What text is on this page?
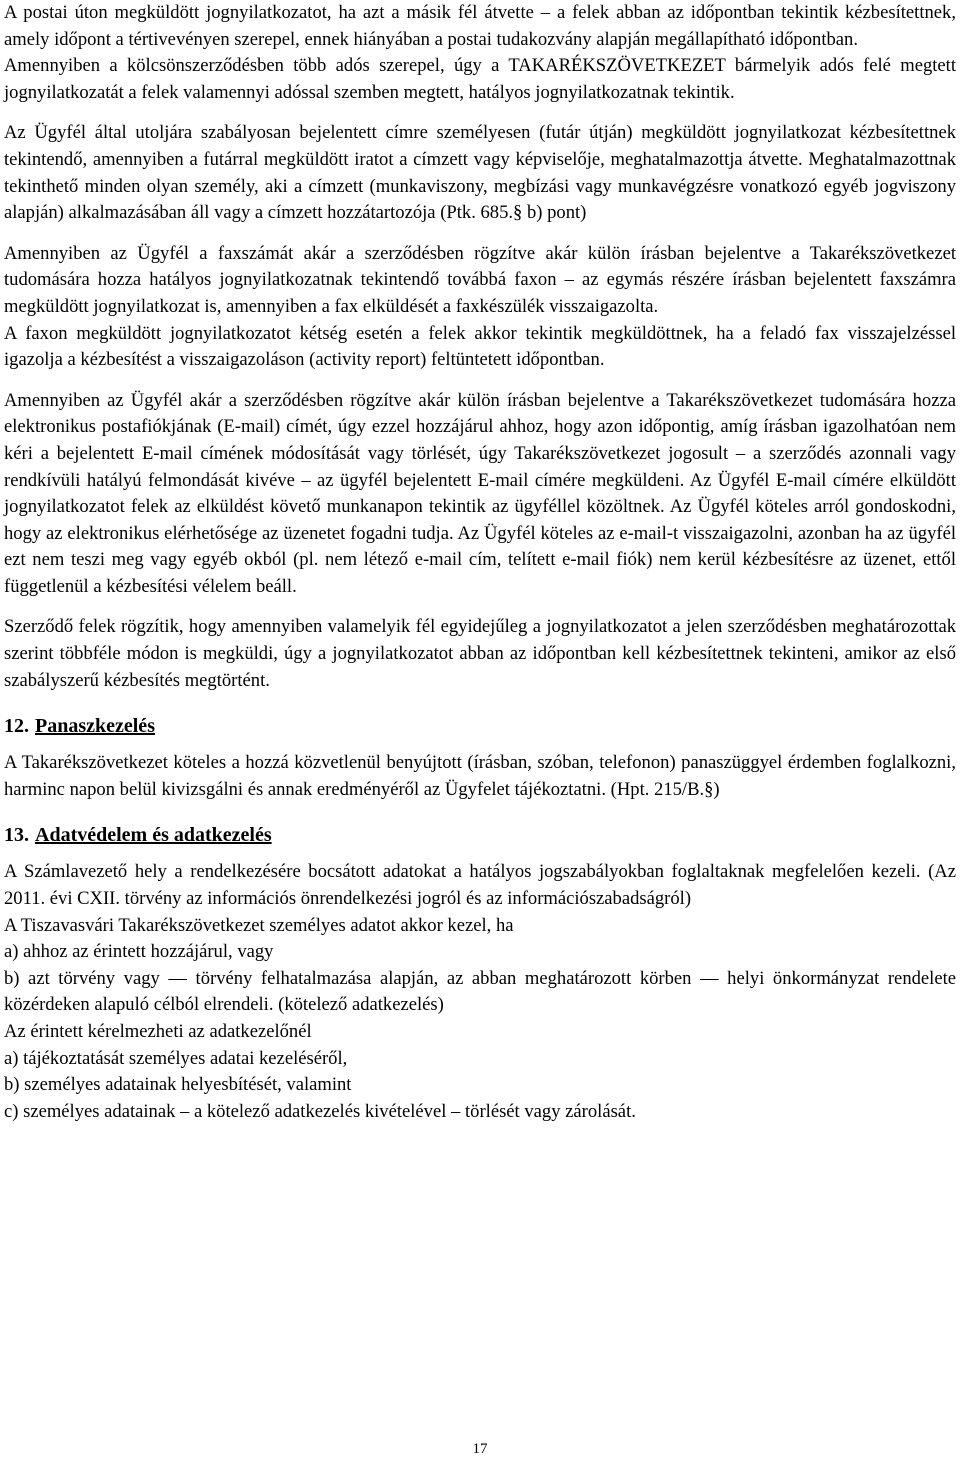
A postai úton megküldött jognyilatkozatot, ha azt a másik fél átvette – a felek abban az időpontban tekintik kézbesítettnek, amely időpont a tértivevényen szerepel, ennek hiányában a postai tudakozvány alapján megállapítható időpontban.

Amennyiben a kölcsönszerződésben több adós szerepel, úgy a TAKARÉKSZÖVETKEZET bármelyik adós felé megtett jognyilatkozatát a felek valamennyi adóssal szemben megtett, hatályos jognyilatkozatnak tekintik.

Az Ügyfél által utoljára szabályosan bejelentett címre személyesen (futár útján) megküldött jognyilatkozat kézbesítettnek tekintendő, amennyiben a futárral megküldött iratot a címzett vagy képviselője, meghatalmazottja átvette. Meghatalmazottnak tekinthető minden olyan személy, aki a címzett (munkaviszony, megbízási vagy munkavégzésre vonatkozó egyéb jogviszony alapján) alkalmazásában áll vagy a címzett hozzátartozója (Ptk. 685.§ b) pont)

Amennyiben az Ügyfél a faxszámát akár a szerződésben rögzítve akár külön írásban bejelentve a Takarékszövetkezet tudomására hozza hatályos jognyilatkozatnak tekintendő továbbá faxon – az egymás részére írásban bejelentett faxszámra megküldött jognyilatkozat is, amennyiben a fax elküldését a faxkészülék visszaigazolta.

A faxon megküldött jognyilatkozatot kétség esetén a felek akkor tekintik megküldöttnek, ha a feladó fax visszajelzéssel igazolja a kézbesítést a visszaigazoláson (activity report) feltüntetett időpontban.

Amennyiben az Ügyfél akár a szerződésben rögzítve akár külön írásban bejelentve a Takarékszövetkezet tudomására hozza elektronikus postafiókjának (E-mail) címét, úgy ezzel hozzájárul ahhoz, hogy azon időpontig, amíg írásban igazolhatóan nem kéri a bejelentett E-mail címének módosítását vagy törlését, úgy Takarékszövetkezet jogosult – a szerződés azonnali vagy rendkívüli hatályú felmondását kivéve – az ügyfél bejelentett E-mail címére megküldeni. Az Ügyfél E-mail címére elküldött jognyilatkozatot felek az elküldést követő munkanapon tekintik az ügyféllel közöltnek. Az Ügyfél köteles arról gondoskodni, hogy az elektronikus elérhetősége az üzenetet fogadni tudja. Az Ügyfél köteles az e-mail-t visszaigazolni, azonban ha az ügyfél ezt nem teszi meg vagy egyéb okból (pl. nem létező e-mail cím, telített e-mail fiók) nem kerül kézbesítésre az üzenet, ettől függetlenül a kézbesítési vélelem beáll.

Szerződő felek rögzítik, hogy amennyiben valamelyik fél egyidejűleg a jognyilatkozatot a jelen szerződésben meghatározottak szerint többféle módon is megküldi, úgy a jognyilatkozatot abban az időpontban kell kézbesítettnek tekinteni, amikor az első szabályszerű kézbesítés megtörtént.

12. Panaszkezelés

A Takarékszövetkezet köteles a hozzá közvetlenül benyújtott (írásban, szóban, telefonon) panaszüggyel érdemben foglalkozni, harminc napon belül kivizsgálni és annak eredményéről az Ügyfelet tájékoztatni. (Hpt. 215/B.§)

13. Adatvédelem és adatkezelés

A Számlavezető hely a rendelkezésére bocsátott adatokat a hatályos jogszabályokban foglaltaknak megfelelően kezeli. (Az 2011. évi CXII. törvény az információs önrendelkezési jogról és az információszabadságról)

A Tiszavasvári Takarékszövetkezet személyes adatot akkor kezel, ha

a) ahhoz az érintett hozzájárul, vagy

b) azt törvény vagy — törvény felhatalmazása alapján, az abban meghatározott körben — helyi önkormányzat rendelete közérdeken alapuló célból elrendeli. (kötelező adatkezelés)

Az érintett kérelmezheti az adatkezelőnél

a) tájékoztatását személyes adatai kezeléséről,

b) személyes adatainak helyesbítését, valamint

c) személyes adatainak – a kötelező adatkezelés kivételével – törlését vagy zárolását.

17
